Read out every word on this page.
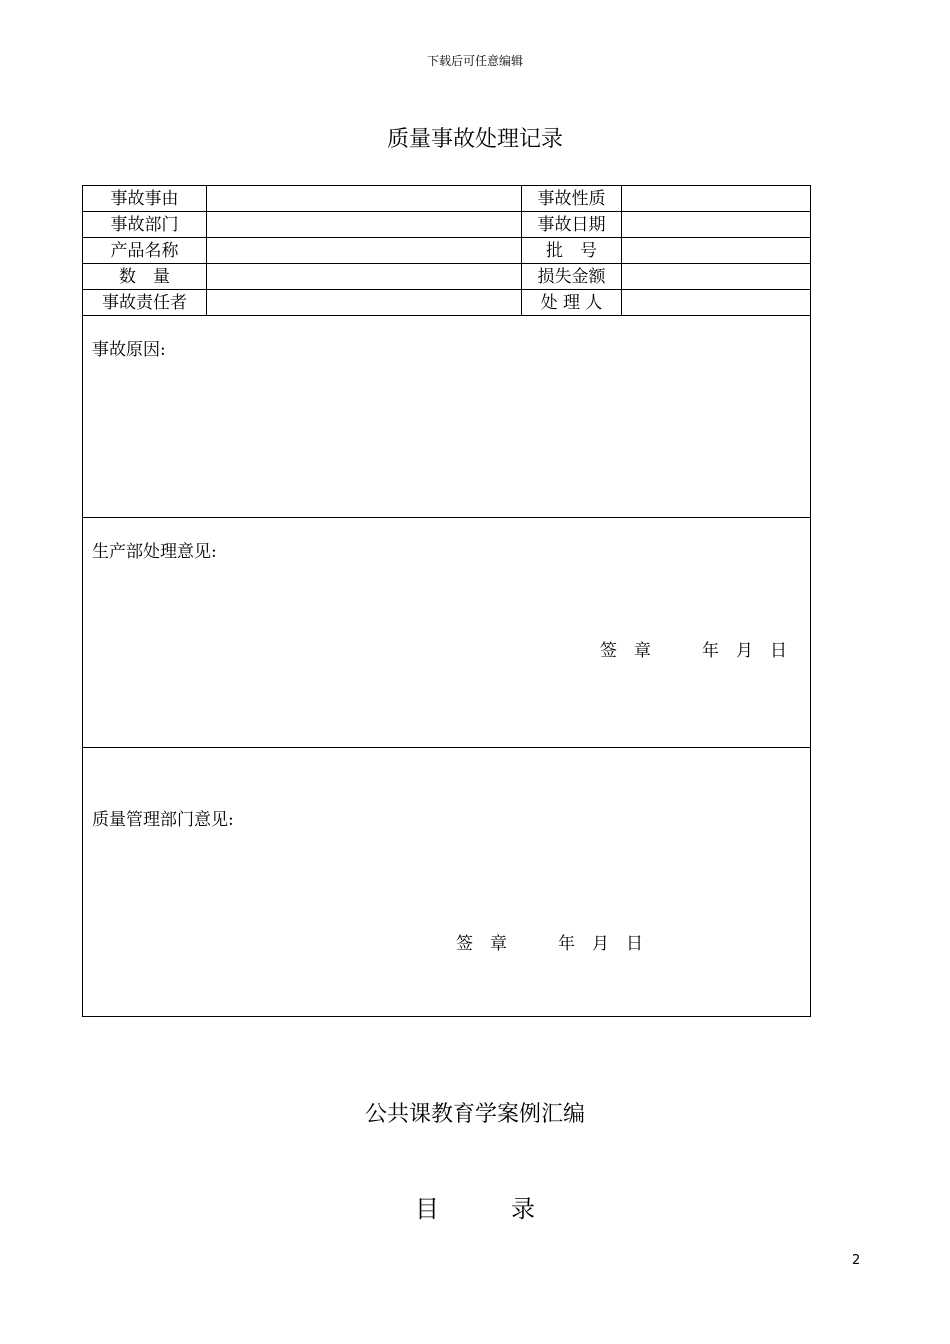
下载后可任意编辑
质量事故处理记录
事故事由		事故性质	
事故部门		事故日期	
产品名称		批　号	
数　量		损失金额	
事故责任者		处 理 人	

事故原因:			

生产部处理意见:
签　章　　　年　月　日			

质量管理部门意见:
签　章　　　年　月　日			
公共课教育学案例汇编
目　　　录
2
